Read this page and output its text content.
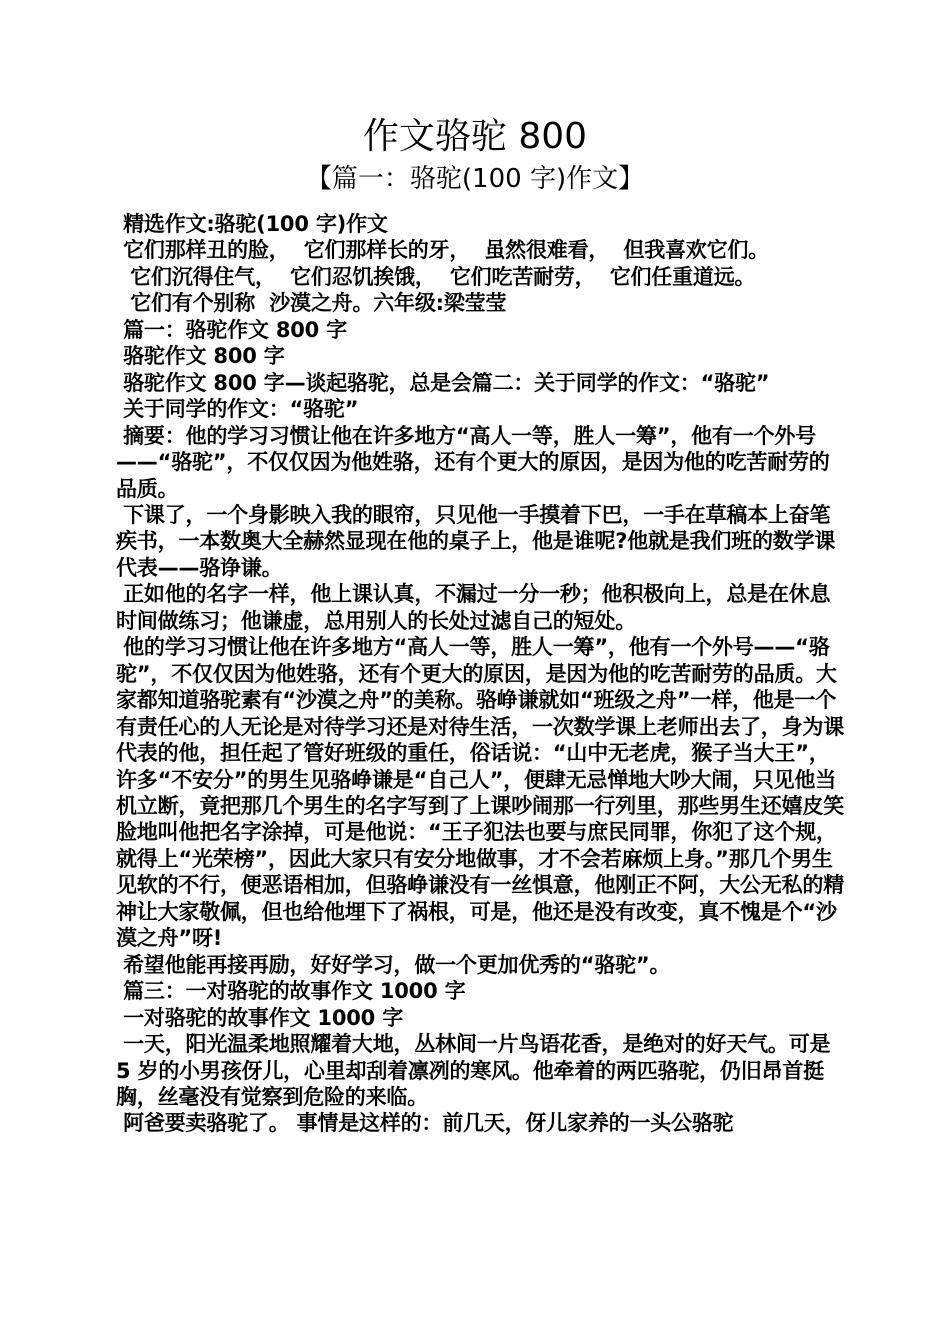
作文骆驼 800
【篇一：骆驼(100 字)作文】

精选作文:骆驼(100 字)作文

它们那样丑的脸，  它们那样长的牙，  虽然很难看，  但我喜欢它们。

它们沉得住气，  它们忍饥挨饿，  它们吃苦耐劳，  它们任重道远。

它们有个别称  沙漠之舟。六年级:梁莹莹

篇一：骆驼作文 800 字

骆驼作文 800 字

骆驼作文 800 字—谈起骆驼，总是会篇二：关于同学的作文：“骆驼”

关于同学的作文：“骆驼”

摘要：他的学习习惯让他在许多地方“高人一等，胜人一筹”，他有一个外号——“骆驼”，不仅仅因为他姓骆，还有个更大的原因，是因为他的吃苦耐劳的品质。

下课了，一个身影映入我的眼帘，只见他一手摸着下巴，一手在草稿本上奋笔疾书，一本数奥大全赫然显现在他的桌子上，他是谁呢?他就是我们班的数学课代表——骆诤谦。

正如他的名字一样，他上课认真，不漏过一分一秒；他积极向上，总是在休息时间做练习；他谦虚，总用别人的长处过滤自己的短处。

他的学习习惯让他在许多地方“高人一等，胜人一筹”，他有一个外号——“骆驼”，不仅仅因为他姓骆，还有个更大的原因，是因为他的吃苦耐劳的品质。大家都知道骆驼素有“沙漠之舟”的美称。骆峥谦就如“班级之舟”一样，他是一个有责任心的人无论是对待学习还是对待生活，一次数学课上老师出去了，身为课代表的他，担任起了管好班级的重任，俗话说：“山中无老虎，猴子当大王”，许多“不安分”的男生见骆峥谦是“自己人”，便肆无忌惮地大吵大闹，只见他当机立断，竟把那几个男生的名字写到了上课吵闹那一行列里，那些男生还嬉皮笑脸地叫他把名字涂掉，可是他说：“王子犯法也要与庶民同罪，你犯了这个规，就得上“光荣榜”，因此大家只有安分地做事，才不会若麻烦上身。”那几个男生见软的不行，便恶语相加，但骆峥谦没有一丝惧意，他刚正不阿，大公无私的精神让大家敬佩，但也给他埋下了祸根，可是，他还是没有改变，真不愧是个“沙漠之舟”呀!

希望他能再接再励，好好学习，做一个更加优秀的“骆驼”。

篇三：一对骆驼的故事作文 1000 字

一对骆驼的故事作文 1000 字

一天，阳光温柔地照耀着大地，丛林间一片鸟语花香，是绝对的好天气。可是 5 岁的小男孩伢儿，心里却刮着凛冽的寒风。他牵着的两匹骆驼，仍旧昂首挺胸，丝毫没有觉察到危险的来临。

阿爸要卖骆驼了。 事情是这样的：前几天，伢儿家养的一头公骆驼
